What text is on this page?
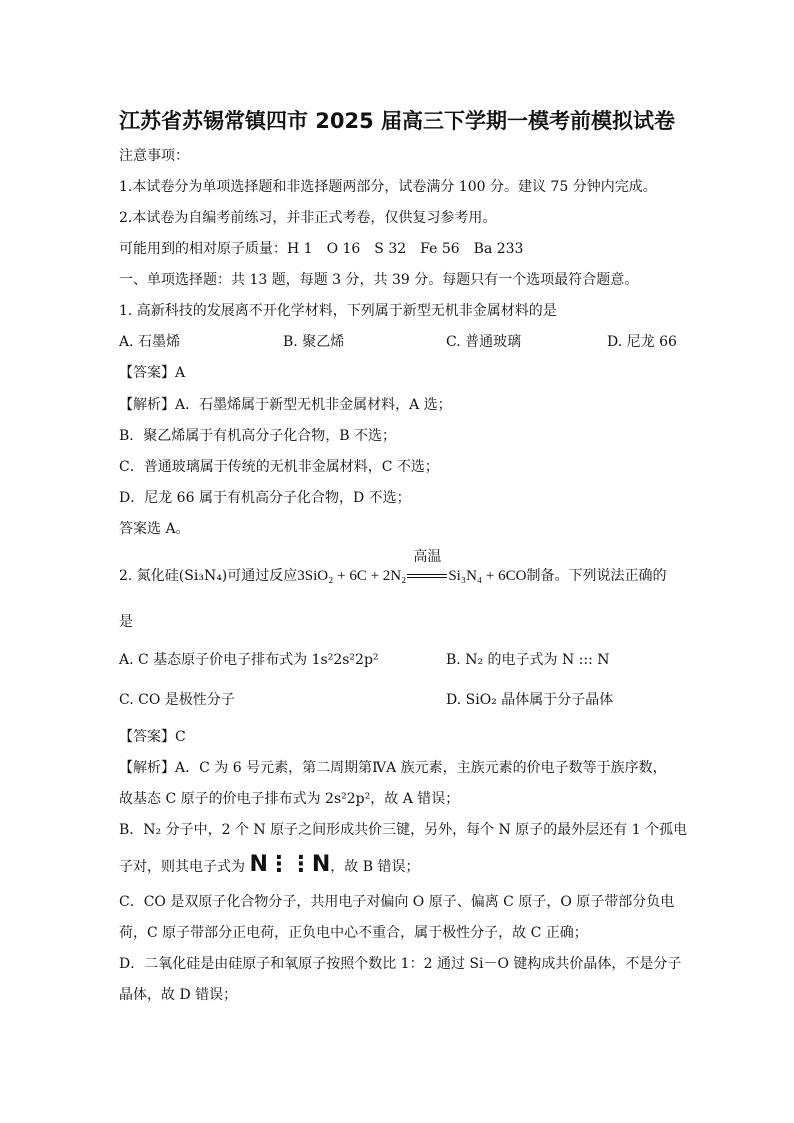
江苏省苏锡常镇四市 2025 届高三下学期一模考前模拟试卷
注意事项：
1.本试卷分为单项选择题和非选择题两部分，试卷满分 100 分。建议 75 分钟内完成。
2.本试卷为自编考前练习，并非正式考卷，仅供复习参考用。
可能用到的相对原子质量：H 1　O 16　S 32　Fe 56　Ba 233
一、单项选择题：共 13 题，每题 3 分，共 39 分。每题只有一个选项最符合题意。
1. 高新科技的发展离不开化学材料，下列属于新型无机非金属材料的是
A. 石墨烯	B. 聚乙烯	C. 普通玻璃	D. 尼龙 66
【答案】A
【解析】A．石墨烯属于新型无机非金属材料，A 选；
B．聚乙烯属于有机高分子化合物，B 不选；
C．普通玻璃属于传统的无机非金属材料，C 不选；
D．尼龙 66 属于有机高分子化合物，D 不选；
答案选 A。
2. 氮化硅(Si₃N₄)可通过反应3SiO₂ + 6C + 2N₂
高温
Si₃N₄ + 6CO制备。下列说法正确的
是
A. C 基态原子价电子排布式为 1s²2s²2p²	B. N₂ 的电子式为 N ::: N
C. CO 是极性分子	D. SiO₂ 晶体属于分子晶体
【答案】C
【解析】A．C 为 6 号元素，第二周期第ⅣA 族元素，主族元素的价电子数等于族序数，
故基态 C 原子的价电子排布式为 2s²2p²，故 A 错误；
B．N₂ 分子中，2 个 N 原子之间形成共价三键，另外，每个 N 原子的最外层还有 1 个孤电
子对，则其电子式为 N⋮⋮N，故 B 错误；
C．CO 是双原子化合物分子，共用电子对偏向 O 原子、偏离 C 原子，O 原子带部分负电
荷，C 原子带部分正电荷，正负电中心不重合，属于极性分子，故 C 正确；
D．二氧化硅是由硅原子和氧原子按照个数比 1：2 通过 Si－O 键构成共价晶体，不是分子
晶体，故 D 错误；
